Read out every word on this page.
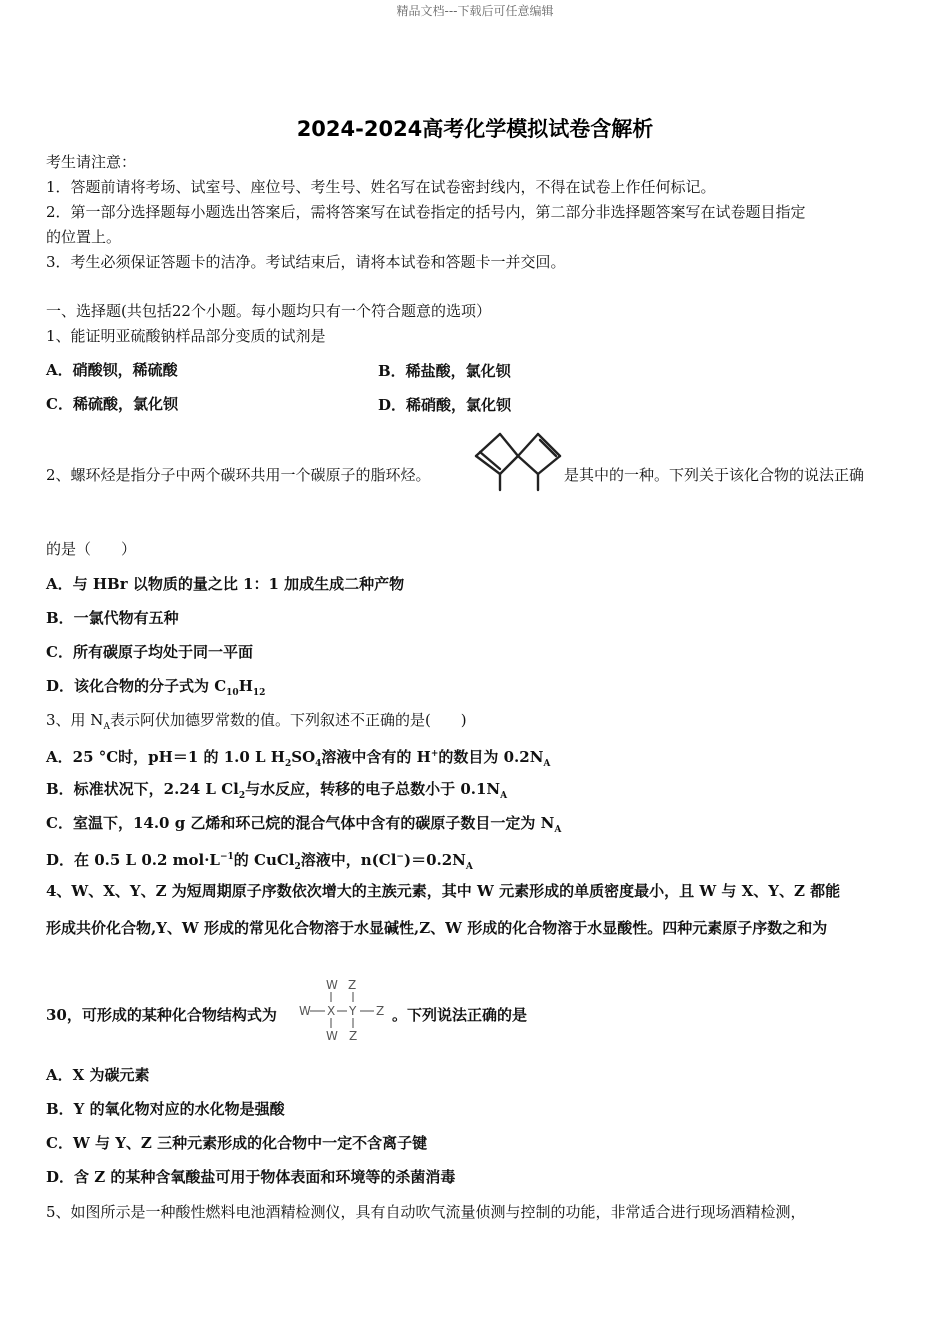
精品文档---下载后可任意编辑
2024-2024高考化学模拟试卷含解析
考生请注意：
1．答题前请将考场、试室号、座位号、考生号、姓名写在试卷密封线内，不得在试卷上作任何标记。
2．第一部分选择题每小题选出答案后，需将答案写在试卷指定的括号内，第二部分非选择题答案写在试卷题目指定
的位置上。
3．考生必须保证答题卡的洁净。考试结束后，请将本试卷和答题卡一并交回。
一、选择题(共包括22个小题。每小题均只有一个符合题意的选项）
1、能证明亚硫酸钠样品部分变质的试剂是
A．硝酸钡，稀硫酸	B．稀盐酸，氯化钡
C．稀硫酸，氯化钡	D．稀硝酸，氯化钡
2、螺环烃是指分子中两个碳环共用一个碳原子的脂环烃。	是其中的一种。下列关于该化合物的说法正确
的是（　　）
A．与 HBr 以物质的量之比 1：1 加成生成二种产物
B．一氯代物有五种
C．所有碳原子均处于同一平面
D．该化合物的分子式为 $C_{10}H_{12}$
3、用 $N_A$表示阿伏加德罗常数的值。下列叙述不正确的是(　　)
A．25 °C时，pH＝1 的 1.0 L $H_2SO_4$溶液中含有的 H+的数目为 $0.2N_A$
B．标准状况下，2.24 L $Cl_2$与水反应，转移的电子总数小于 $0.1N_A$
C．室温下，14.0 g 乙烯和环己烷的混合气体中含有的碳原子数目一定为 $N_A$
D．在 0.5 L 0.2 $mol\cdot L^{-1}$的 CuCl$_2$溶液中，$n(Cl^-)=0.2N_A$
4、W、X、Y、Z 为短周期原子序数依次增大的主族元素，其中 W 元素形成的单质密度最小，且 W 与 X、Y、Z 都能
形成共价化合物,Y、W 形成的常见化合物溶于水显碱性,Z、W 形成的化合物溶于水显酸性。四种元素原子序数之和为
30，可形成的某种化合物结构式为
W Z
W X Y Z
W Z
。下列说法正确的是
A．X 为碳元素
B．Y 的氧化物对应的水化物是强酸
C．W 与 Y、Z 三种元素形成的化合物中一定不含离子键
D．含 Z 的某种含氧酸盐可用于物体表面和环境等的杀菌消毒
5、如图所示是一种酸性燃料电池酒精检测仪，具有自动吹气流量侦测与控制的功能，非常适合进行现场酒精检测，
